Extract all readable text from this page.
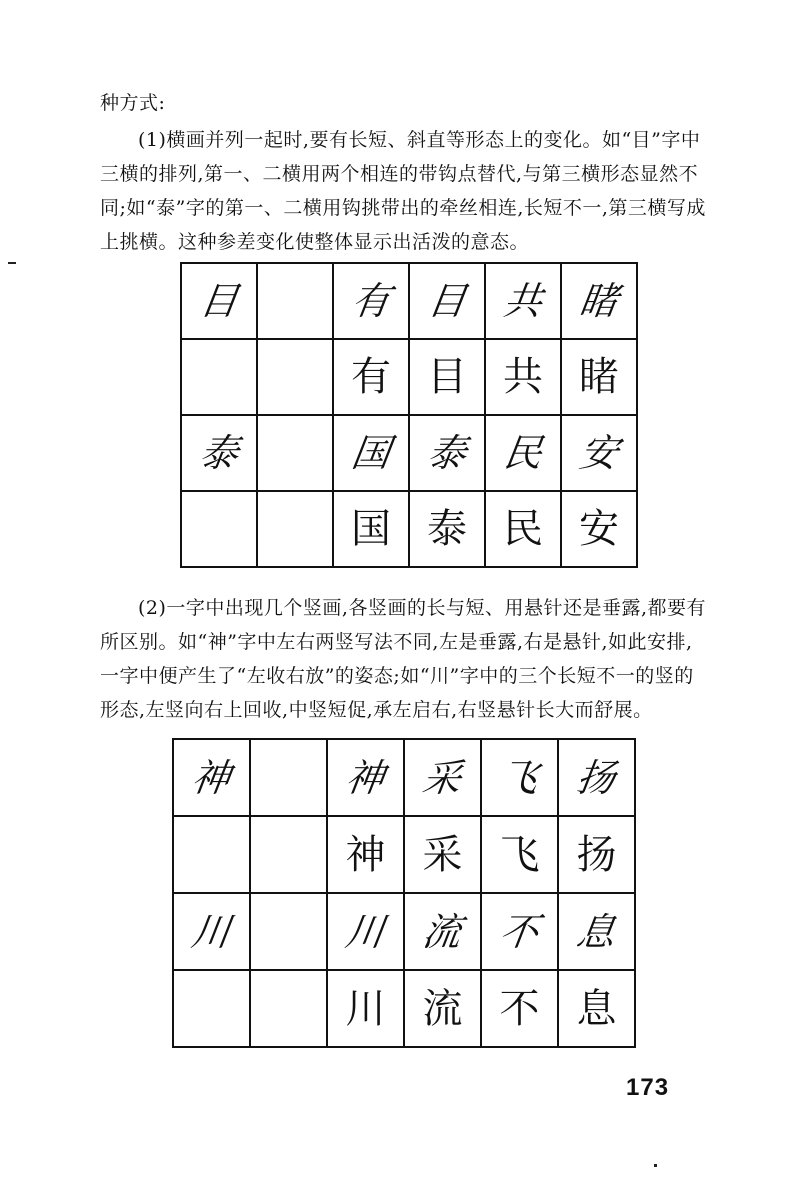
种方式:

(1)横画并列一起时,要有长短、斜直等形态上的变化。如“目”字中三横的排列,第一、二横用两个相连的带钩点替代,与第三横形态显然不同;如“泰”字的第一、二横用钩挑带出的牵丝相连,长短不一,第三横写成上挑横。这种参差变化使整体显示出活泼的意态。

目		有	目	共	睹
		有	目	共	睹
泰		国	泰	民	安
		国	泰	民	安

(2)一字中出现几个竖画,各竖画的长与短、用悬针还是垂露,都要有所区别。如“神”字中左右两竖写法不同,左是垂露,右是悬针,如此安排,一字中便产生了“左收右放”的姿态;如“川”字中的三个长短不一的竖的形态,左竖向右上回收,中竖短促,承左启右,右竖悬针长大而舒展。

神		神	采	飞	扬
		神	采	飞	扬
川		川	流	不	息
		川	流	不	息
173
